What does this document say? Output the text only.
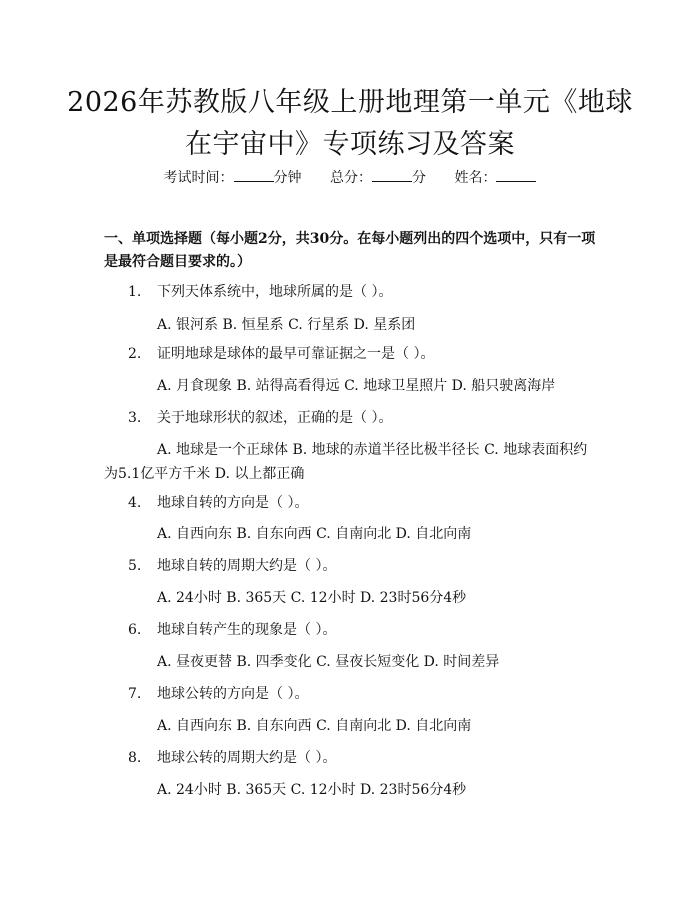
2026年苏教版八年级上册地理第一单元《地球在宇宙中》专项练习及答案
考试时间：	分钟 总分：	分 姓名：
一、单项选择题（每小题2分，共30分。在每小题列出的四个选项中，只有一项是最符合题目要求的。）
1.	下列天体系统中，地球所属的是（ ）。
A. 银河系 B. 恒星系 C. 行星系 D. 星系团
2.	证明地球是球体的最早可靠证据之一是（ ）。
A. 月食现象 B. 站得高看得远 C. 地球卫星照片 D. 船只驶离海岸
3.	关于地球形状的叙述，正确的是（ ）。
A. 地球是一个正球体 B. 地球的赤道半径比极半径长 C. 地球表面积约为5.1亿平方千米 D. 以上都正确
4.	地球自转的方向是（ ）。
A. 自西向东 B. 自东向西 C. 自南向北 D. 自北向南
5.	地球自转的周期大约是（ ）。
A. 24小时 B. 365天 C. 12小时 D. 23时56分4秒
6.	地球自转产生的现象是（ ）。
A. 昼夜更替 B. 四季变化 C. 昼夜长短变化 D. 时间差异
7.	地球公转的方向是（ ）。
A. 自西向东 B. 自东向西 C. 自南向北 D. 自北向南
8.	地球公转的周期大约是（ ）。
A. 24小时 B. 365天 C. 12小时 D. 23时56分4秒
